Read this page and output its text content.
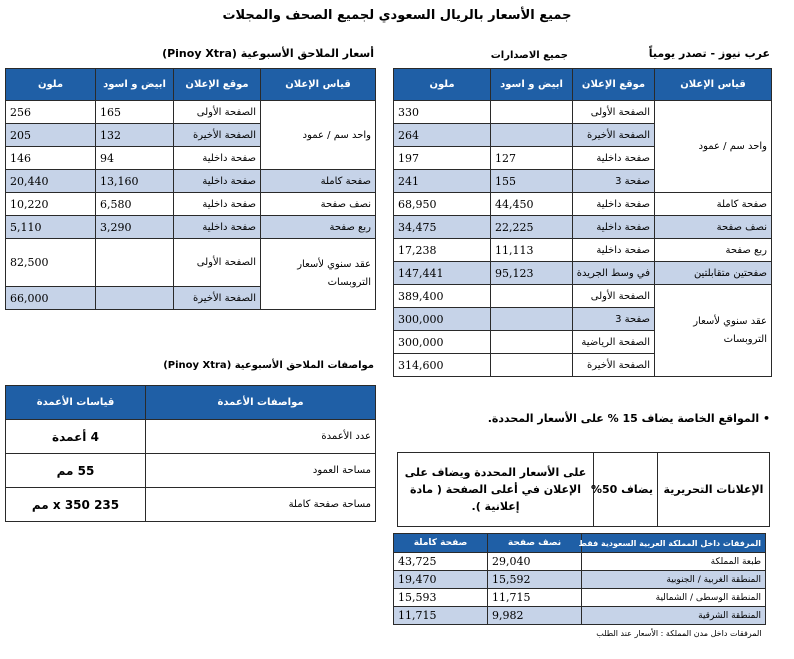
جميع الأسعار بالريال السعودي لجميع الصحف والمجلات
عرب نيوز - تصدر يومياً
جميع الاصدارات
قياس الإعلان	موقع الإعلان	ابيض و اسود	ملون
واحد سم / عمود	الصفحة الأولى		330
	الصفحة الأخيرة		264
	صفحة داخلية	127	197
	صفحة 3	155	241
صفحة كاملة	صفحة داخلية	44,450	68,950
نصف صفحة	صفحة داخلية	22,225	34,475
ربع صفحة	صفحة داخلية	11,113	17,238
صفحتين متقابلتين	في وسط الجريدة	95,123	147,441
عقد سنوي لأسعار التروبسات	الصفحة الأولى		389,400
	صفحة 3		300,000
	الصفحة الرياضية		300,000
	الصفحة الأخيرة		314,600
أسعار الملاحق الأسبوعية (Pinoy Xtra)
قياس الإعلان	موقع الإعلان	ابيض و اسود	ملون
واحد سم / عمود	الصفحة الأولى	165	256
	الصفحة الأخيرة	132	205
	صفحة داخلية	94	146
صفحة كاملة	صفحة داخلية	13,160	20,440
نصف صفحة	صفحة داخلية	6,580	10,220
ربع صفحة	صفحة داخلية	3,290	5,110
عقد سنوي لأسعار التروبسات	الصفحة الأولى		82,500
	الصفحة الأخيرة		66,000
مواصفات الملاحق الأسبوعية (Pinoy Xtra)
مواصفات الأعمدة	قياسات الأعمدة
عدد الأعمدة	4 أعمدة
مساحة العمود	55 مم
مساحة صفحة كاملة	235 x 350 مم
• المواقع الخاصة يضاف 15 % على الأسعار المحددة.
الإعلانات التحريرية	يضاف 50%	على الأسعار المحددة ويضاف على الإعلان في أعلى الصفحة ( مادة إعلانية ).
المرفقات داخل المملكة العربية السعودية فقط	نصف صفحة	صفحة كاملة
طبعة المملكة	29,040	43,725
المنطقة الغربية / الجنوبية	15,592	19,470
المنطقة الوسطى / الشمالية	11,715	15,593
المنطقة الشرقية	9,982	11,715
المرفقات داخل مدن المملكة : الأسعار عند الطلب		
